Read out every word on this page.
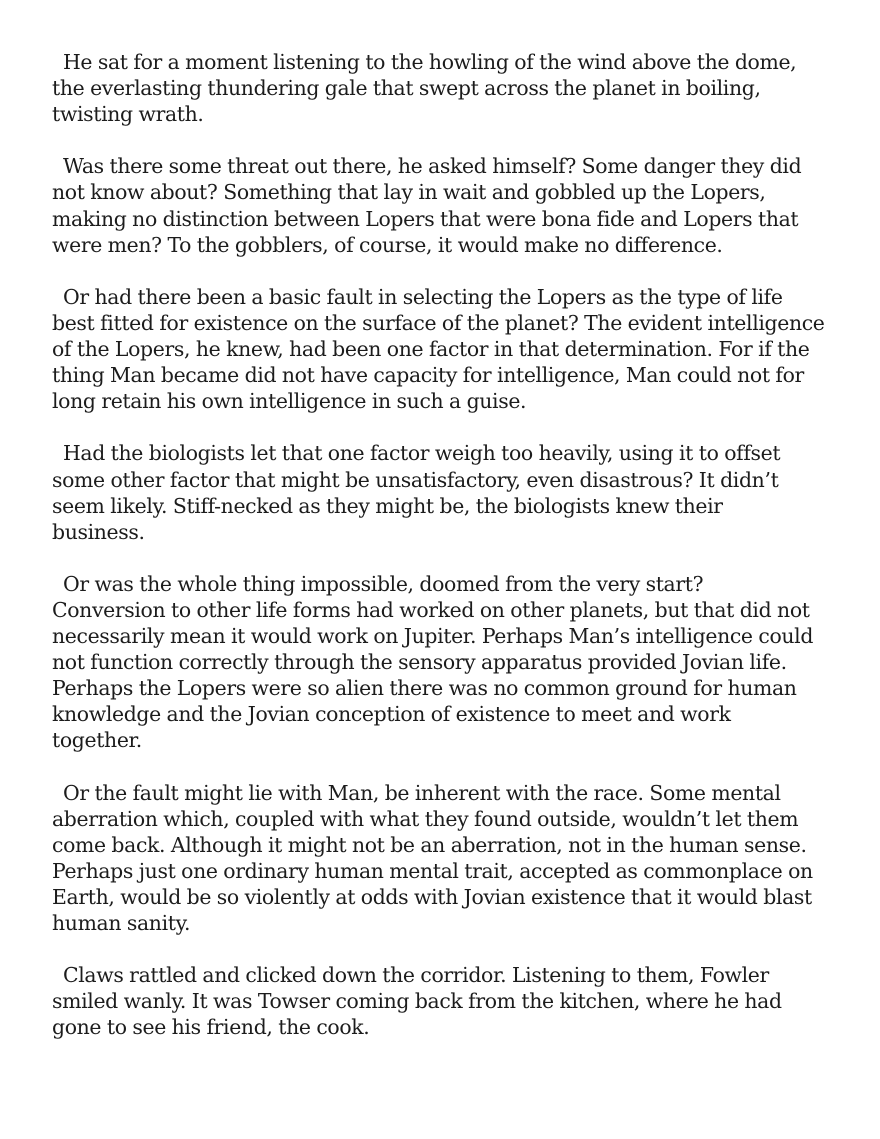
He sat for a moment listening to the howling of the wind above the dome,
the everlasting thundering gale that swept across the planet in boiling,
twisting wrath.

Was there some threat out there, he asked himself? Some danger they did
not know about? Something that lay in wait and gobbled up the Lopers,
making no distinction between Lopers that were bona fide and Lopers that
were men? To the gobblers, of course, it would make no difference.

Or had there been a basic fault in selecting the Lopers as the type of life
best fitted for existence on the surface of the planet? The evident intelligence
of the Lopers, he knew, had been one factor in that determination. For if the
thing Man became did not have capacity for intelligence, Man could not for
long retain his own intelligence in such a guise.

Had the biologists let that one factor weigh too heavily, using it to offset
some other factor that might be unsatisfactory, even disastrous? It didn’t
seem likely. Stiff-necked as they might be, the biologists knew their
business.

Or was the whole thing impossible, doomed from the very start?
Conversion to other life forms had worked on other planets, but that did not
necessarily mean it would work on Jupiter. Perhaps Man’s intelligence could
not function correctly through the sensory apparatus provided Jovian life.
Perhaps the Lopers were so alien there was no common ground for human
knowledge and the Jovian conception of existence to meet and work
together.

Or the fault might lie with Man, be inherent with the race. Some mental
aberration which, coupled with what they found outside, wouldn’t let them
come back. Although it might not be an aberration, not in the human sense.
Perhaps just one ordinary human mental trait, accepted as commonplace on
Earth, would be so violently at odds with Jovian existence that it would blast
human sanity.

Claws rattled and clicked down the corridor. Listening to them, Fowler
smiled wanly. It was Towser coming back from the kitchen, where he had
gone to see his friend, the cook.
